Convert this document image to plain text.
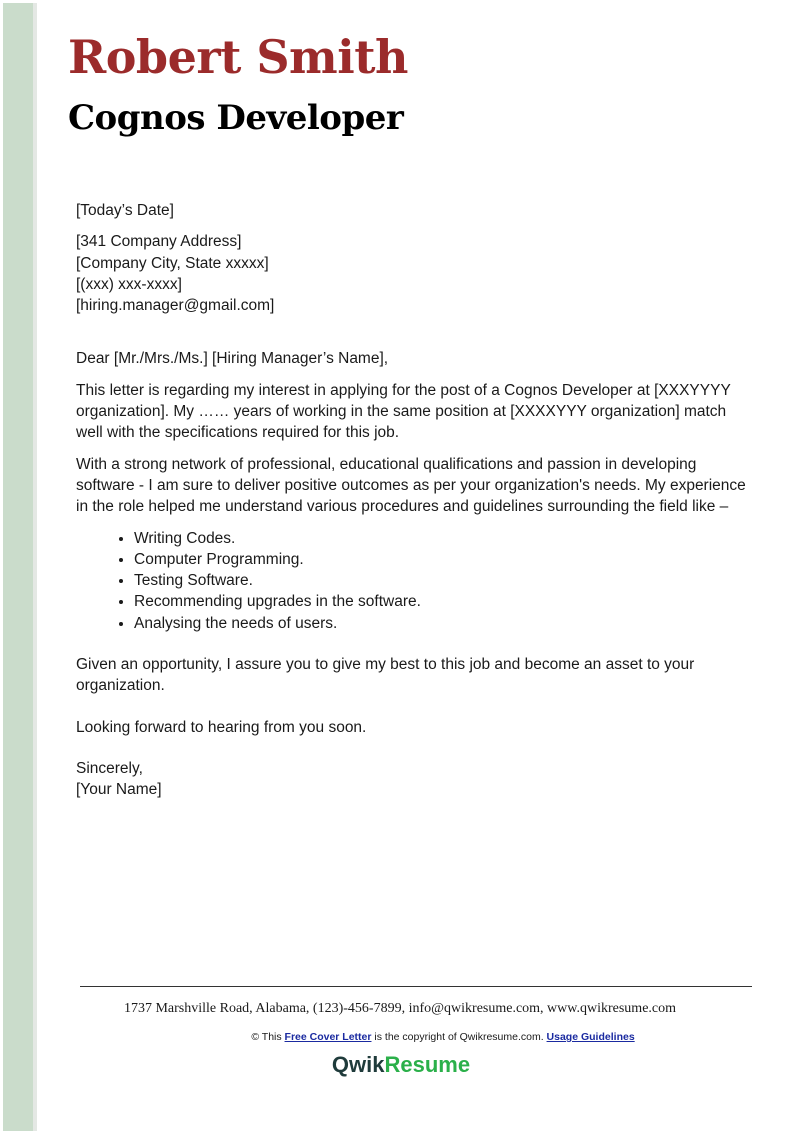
Robert Smith
Cognos Developer

[Today’s Date]

[341 Company Address]
[Company City, State xxxxx]
[(xxx) xxx-xxxx]
[hiring.manager@gmail.com]

Dear [Mr./Mrs./Ms.] [Hiring Manager’s Name],

This letter is regarding my interest in applying for the post of a Cognos Developer at [XXXYYYY organization]. My …… years of working in the same position at [XXXXYYY organization] match well with the specifications required for this job.

With a strong network of professional, educational qualifications and passion in developing software - I am sure to deliver positive outcomes as per your organization's needs. My experience in the role helped me understand various procedures and guidelines surrounding the field like –

• Writing Codes.
• Computer Programming.
• Testing Software.
• Recommending upgrades in the software.
• Analysing the needs of users.

Given an opportunity, I assure you to give my best to this job and become an asset to your organization.

Looking forward to hearing from you soon.

Sincerely,
[Your Name]

1737 Marshville Road, Alabama, (123)-456-7899, info@qwikresume.com, www.qwikresume.com
© This Free Cover Letter is the copyright of Qwikresume.com. Usage Guidelines
QwikResume
